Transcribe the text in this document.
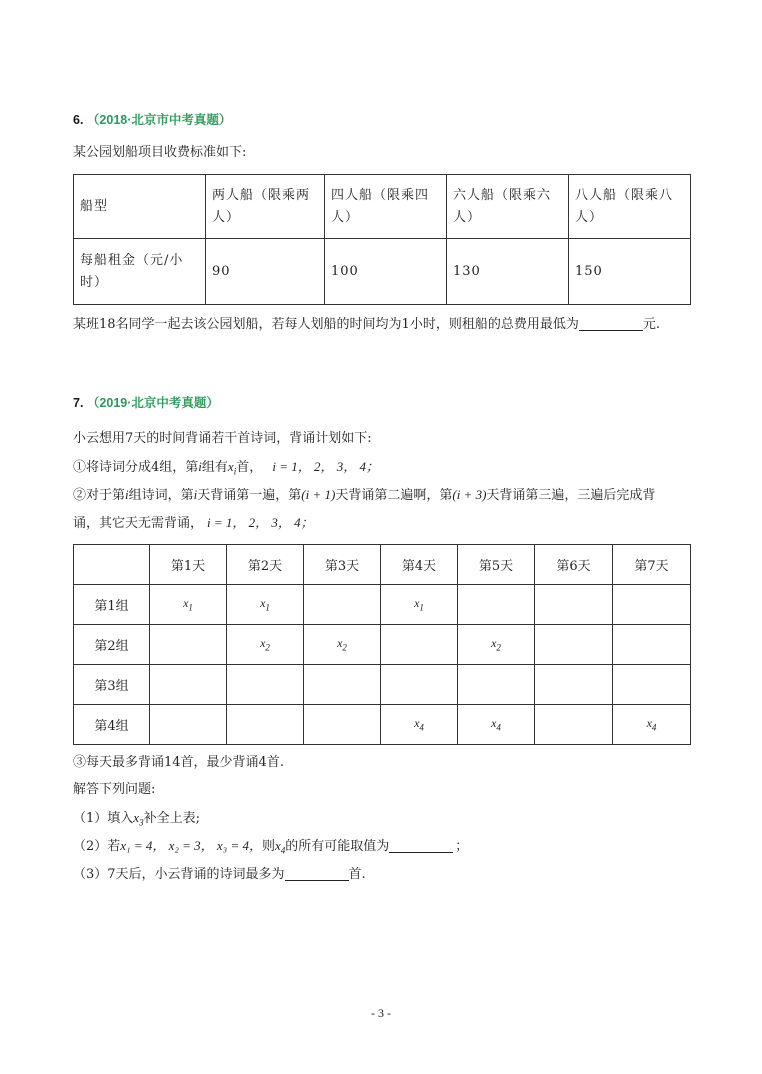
6. （2018·北京市中考真题）
某公园划船项目收费标准如下:
船型	两人船（限乘两人）	四人船（限乘四人）	六人船（限乘六人）	八人船（限乘八人）
每船租金（元/小时）	90	100	130	150
某班18名同学一起去该公园划船，若每人划船的时间均为1小时，则租船的总费用最低为	元.
7. （2019·北京中考真题）
小云想用7天的时间背诵若干首诗词，背诵计划如下:
①将诗词分成4组，第i组有$x_i$首， i = 1， 2， 3， 4；
②对于第i组诗词，第i天背诵第一遍，第(i + 1)天背诵第二遍啊，第(i + 3)天背诵第三遍，三遍后完成背
诵，其它天无需背诵， i = 1， 2， 3， 4；
	第1天	第2天	第3天	第4天	第5天	第6天	第7天
第1组	$x_1$	$x_1$		$x_1$			
第2组		$x_2$	$x_2$		$x_2$		
第3组							
第4组				$x_4$	$x_4$		$x_4$
③每天最多背诵14首，最少背诵4首.
解答下列问题:
（1）填入$x_3$补全上表;
（2）若x₁ = 4， x₂ = 3， x₃ = 4，则$x_4$的所有可能取值为	；
（3）7天后，小云背诵的诗词最多为	首.
- 3 -
